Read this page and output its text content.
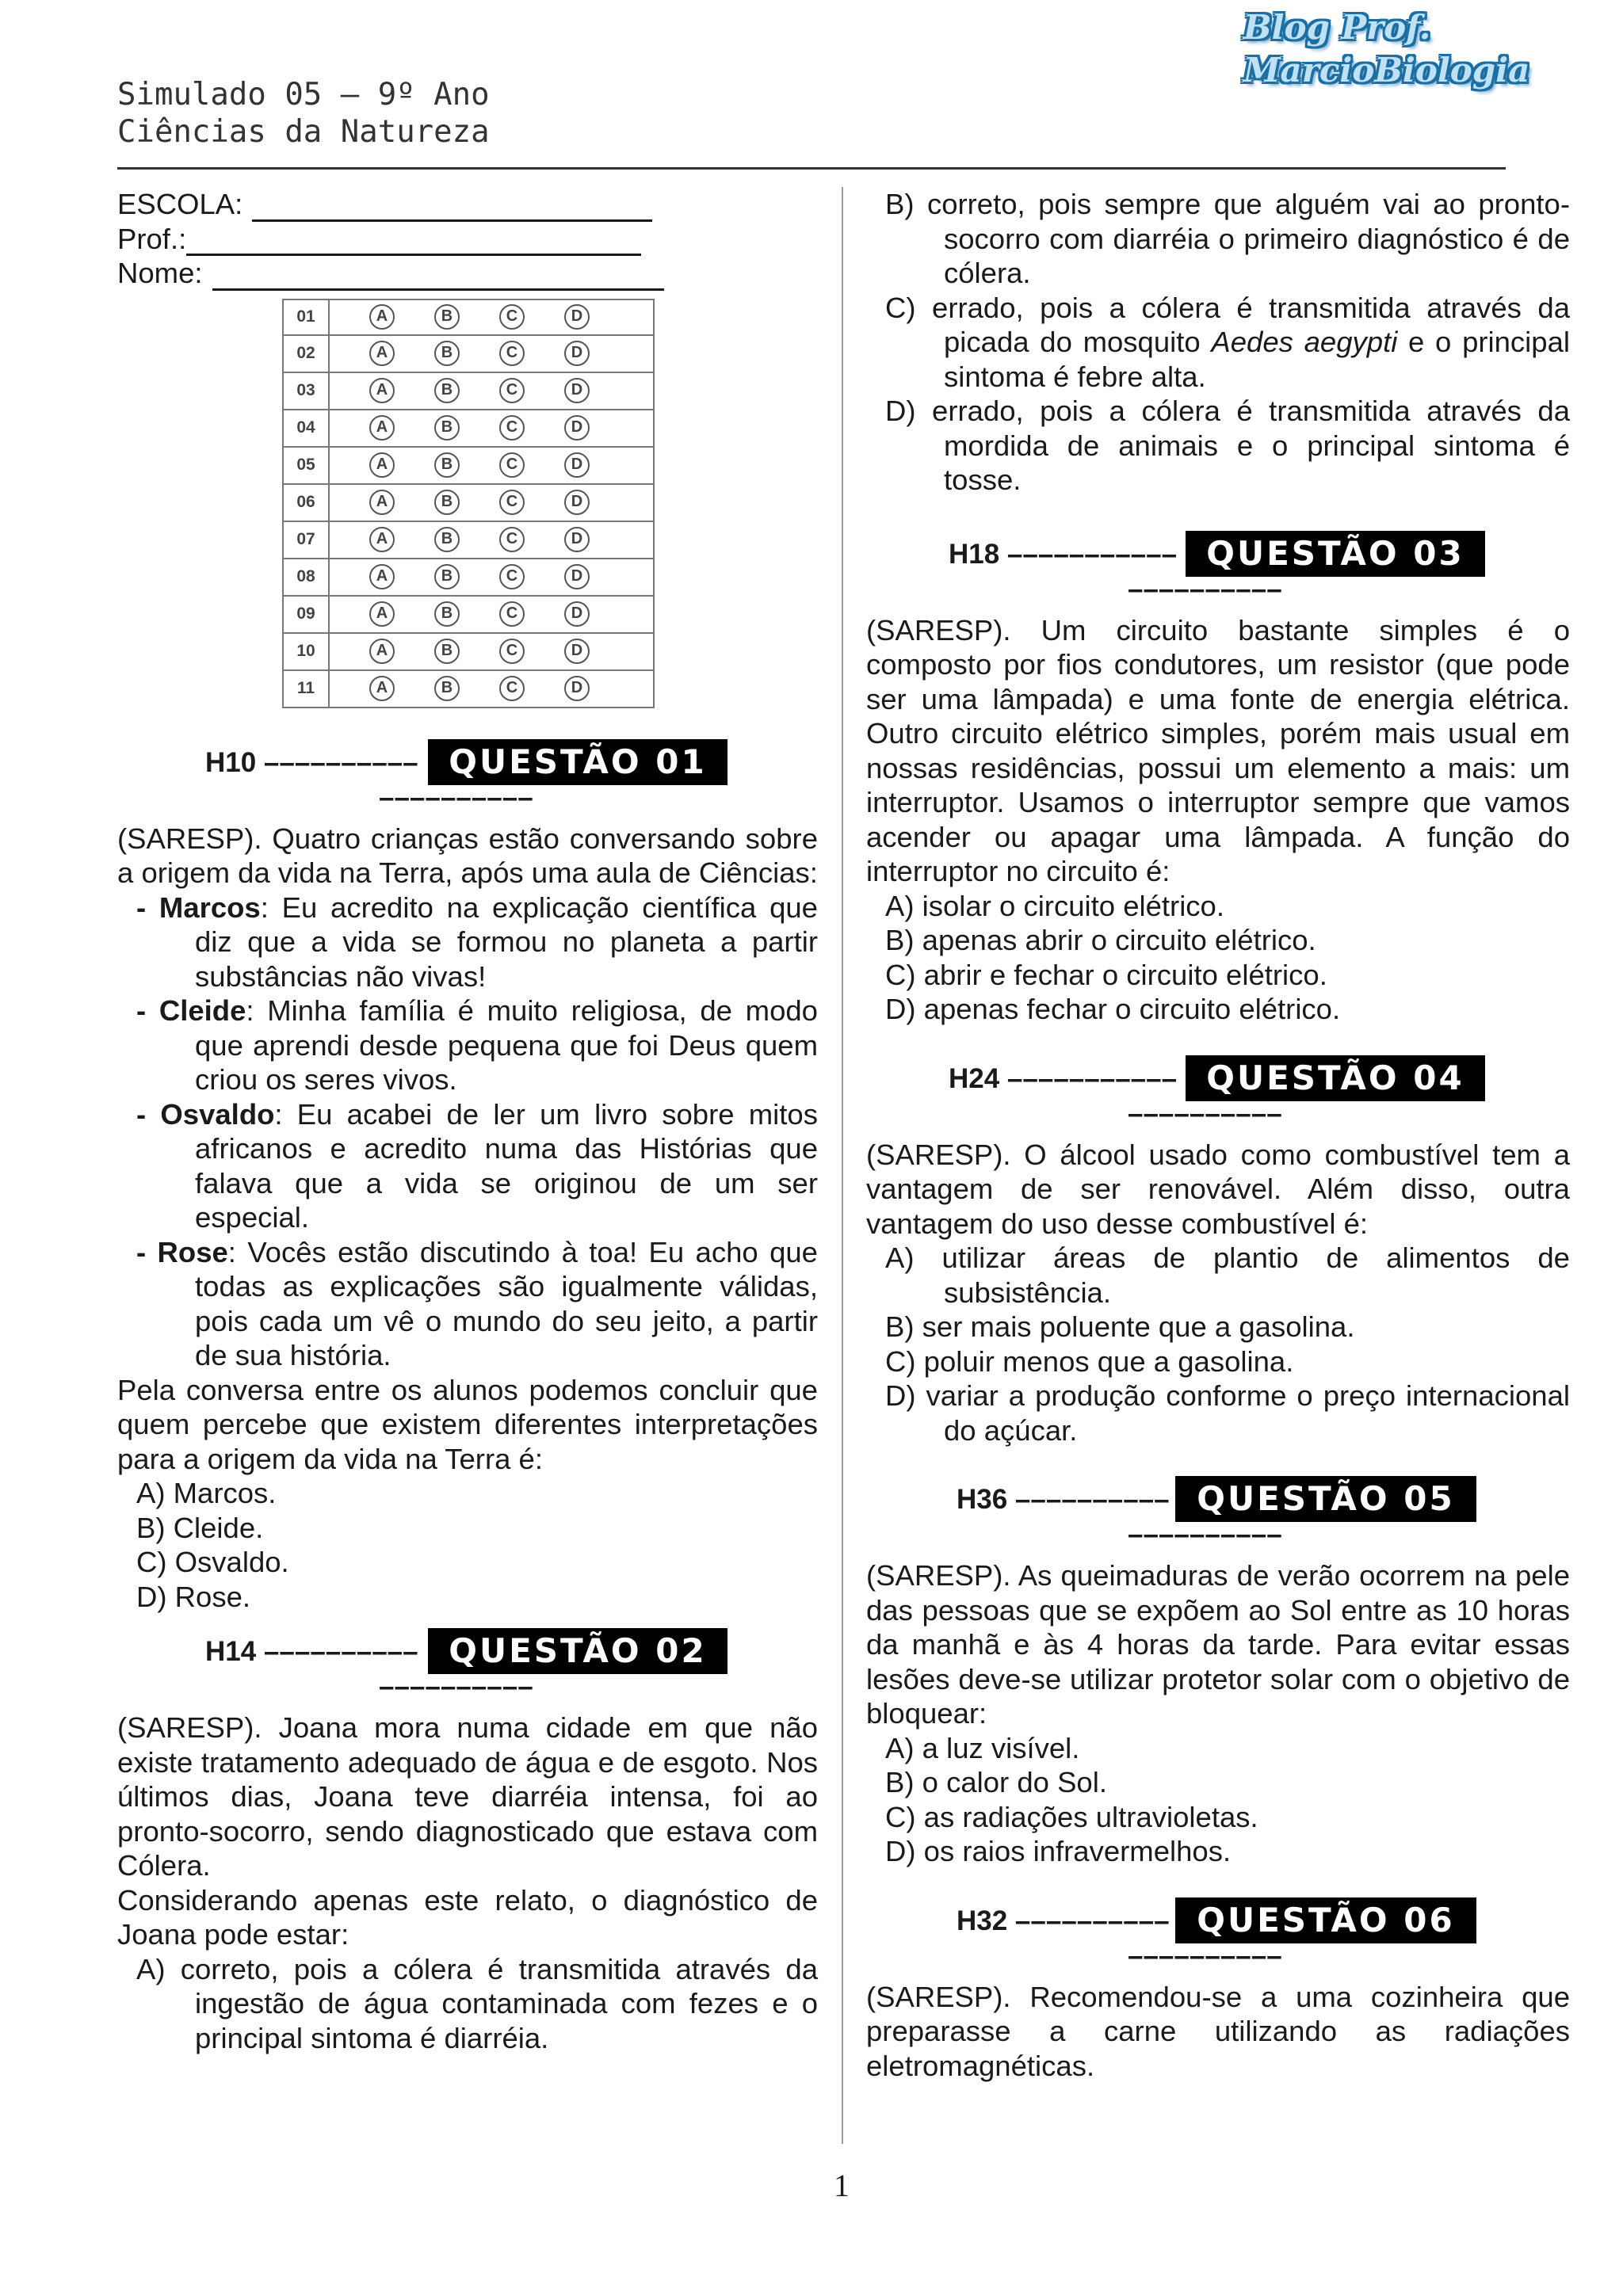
Simulado 05 – 9º Ano
Ciências da Natureza
Blog Prof.
MarcioBiologia
ESCOLA:
Prof.:
Nome:
01	A	B	C	D
02	A	B	C	D
03	A	B	C	D
04	A	B	C	D
05	A	B	C	D
06	A	B	C	D
07	A	B	C	D
08	A	B	C	D
09	A	B	C	D
10	A	B	C	D
11	A	B	C	D
H10 –––––––––– QUESTÃO 01
––––––––––

(SARESP). Quatro crianças estão conversando sobre a origem da vida na Terra, após uma aula de Ciências:

- Marcos: Eu acredito na explicação científica que diz que a vida se formou no planeta a partir substâncias não vivas!

- Cleide: Minha família é muito religiosa, de modo que aprendi desde pequena que foi Deus quem criou os seres vivos.

- Osvaldo: Eu acabei de ler um livro sobre mitos africanos e acredito numa das Histórias que falava que a vida se originou de um ser especial.

- Rose: Vocês estão discutindo à toa! Eu acho que todas as explicações são igualmente válidas, pois cada um vê o mundo do seu jeito, a partir de sua história.

Pela conversa entre os alunos podemos concluir que quem percebe que existem diferentes interpretações para a origem da vida na Terra é:

A) Marcos.

B) Cleide.

C) Osvaldo.

D) Rose.

H14 –––––––––– QUESTÃO 02
––––––––––

(SARESP). Joana mora numa cidade em que não existe tratamento adequado de água e de esgoto. Nos últimos dias, Joana teve diarréia intensa, foi ao pronto-socorro, sendo diagnosticado que estava com Cólera.

Considerando apenas este relato, o diagnóstico de Joana pode estar:

A) correto, pois a cólera é transmitida através da ingestão de água contaminada com fezes e o principal sintoma é diarréia.

B) correto, pois sempre que alguém vai ao pronto-socorro com diarréia o primeiro diagnóstico é de cólera.

C) errado, pois a cólera é transmitida através da picada do mosquito Aedes aegypti e o principal sintoma é febre alta.

D) errado, pois a cólera é transmitida através da mordida de animais e o principal sintoma é tosse.

H18 ––––––––––– QUESTÃO 03
––––––––––

(SARESP). Um circuito bastante simples é o composto por fios condutores, um resistor (que pode ser uma lâmpada) e uma fonte de energia elétrica. Outro circuito elétrico simples, porém mais usual em nossas residências, possui um elemento a mais: um interruptor. Usamos o interruptor sempre que vamos acender ou apagar uma lâmpada. A função do interruptor no circuito é:

A) isolar o circuito elétrico.

B) apenas abrir o circuito elétrico.

C) abrir e fechar o circuito elétrico.

D) apenas fechar o circuito elétrico.

H24 ––––––––––– QUESTÃO 04
––––––––––

(SARESP). O álcool usado como combustível tem a vantagem de ser renovável. Além disso, outra vantagem do uso desse combustível é:

A) utilizar áreas de plantio de alimentos de subsistência.

B) ser mais poluente que a gasolina.

C) poluir menos que a gasolina.

D) variar a produção conforme o preço internacional do açúcar.

H36 –––––––––– QUESTÃO 05
––––––––––

(SARESP). As queimaduras de verão ocorrem na pele das pessoas que se expõem ao Sol entre as 10 horas da manhã e às 4 horas da tarde. Para evitar essas lesões deve-se utilizar protetor solar com o objetivo de bloquear:

A) a luz visível.

B) o calor do Sol.

C) as radiações ultravioletas.

D) os raios infravermelhos.

H32 –––––––––– QUESTÃO 06
––––––––––

(SARESP). Recomendou-se a uma cozinheira que preparasse a carne utilizando as radiações eletromagnéticas.

1
